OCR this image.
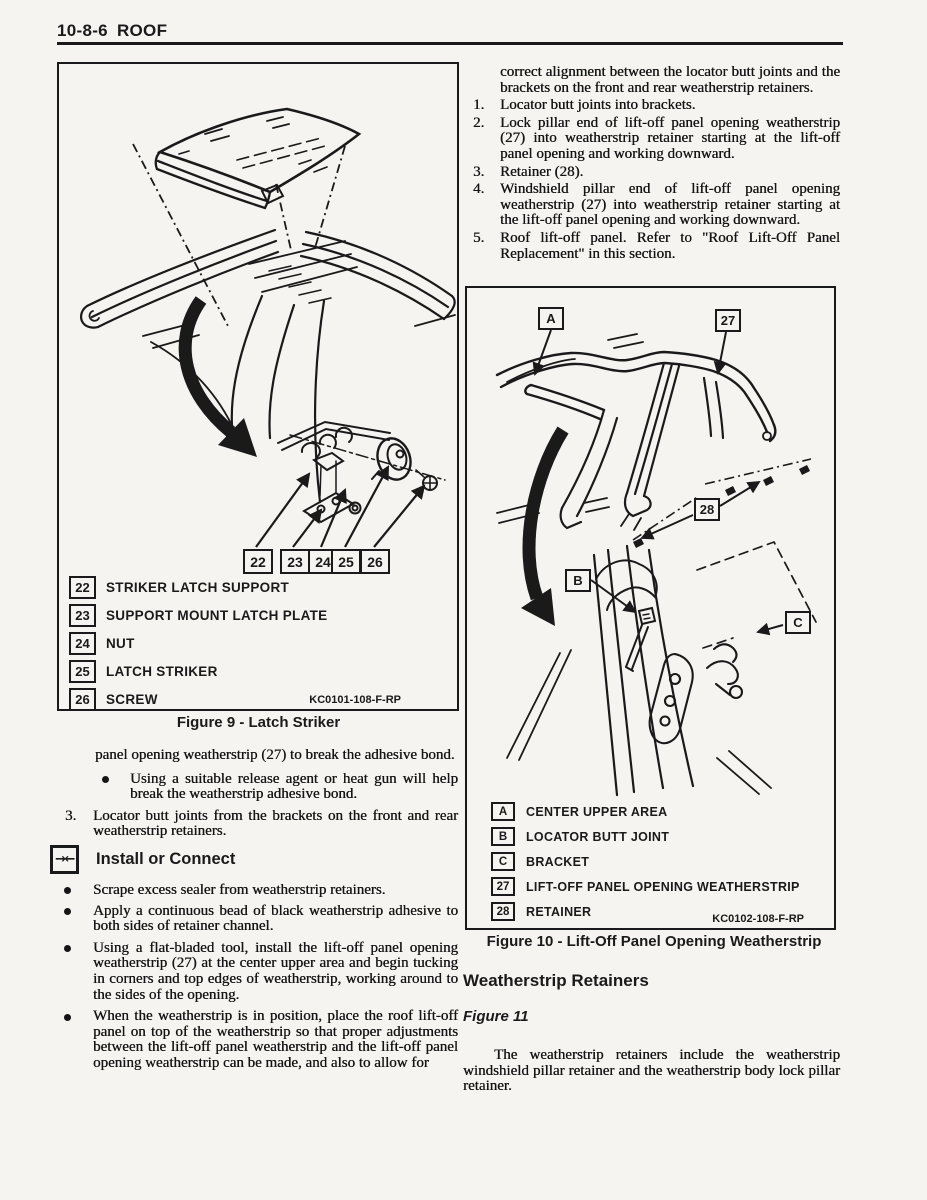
10-8-6 ROOF
22 23 24 25 26
22	STRIKER LATCH SUPPORT
23	SUPPORT MOUNT LATCH PLATE
24	NUT
25	LATCH STRIKER
26	SCREW	KC0101-108-F-RP
Figure 9 - Latch Striker

panel opening weatherstrip (27) to break the adhesive bond.

Using a suitable release agent or heat gun will help break the weatherstrip adhesive bond.
3. Locator butt joints from the brackets on the front and rear weatherstrip retainers.
→←	Install or Connect
Scrape excess sealer from weatherstrip retainers.
Apply a continuous bead of black weatherstrip adhesive to both sides of retainer channel.
Using a flat-bladed tool, install the lift-off panel opening weatherstrip (27) at the center upper area and begin tucking in corners and top edges of weatherstrip, working around to the sides of the opening.
When the weatherstrip is in position, place the roof lift-off panel on top of the weatherstrip so that proper adjustments between the lift-off panel weatherstrip and the lift-off panel opening weatherstrip can be made, and also to allow for

correct alignment between the locator butt joints and the brackets on the front and rear weatherstrip retainers.

1. Locator butt joints into brackets.
2. Lock pillar end of lift-off panel opening weatherstrip (27) into weatherstrip retainer starting at the lift-off panel opening and working downward.
3. Retainer (28).
4. Windshield pillar end of lift-off panel opening weatherstrip (27) into weatherstrip retainer starting at the lift-off panel opening and working downward.
5. Roof lift-off panel. Refer to "Roof Lift-Off Panel Replacement" in this section.
A	27
28
B
C
A	CENTER UPPER AREA
B	LOCATOR BUTT JOINT
C	BRACKET
27	LIFT-OFF PANEL OPENING WEATHERSTRIP
28	RETAINER
KC0102-108-F-RP
Figure 10 - Lift-Off Panel Opening Weatherstrip
Weatherstrip Retainers
Figure 11

The weatherstrip retainers include the weatherstrip windshield pillar retainer and the weatherstrip body lock pillar retainer.
